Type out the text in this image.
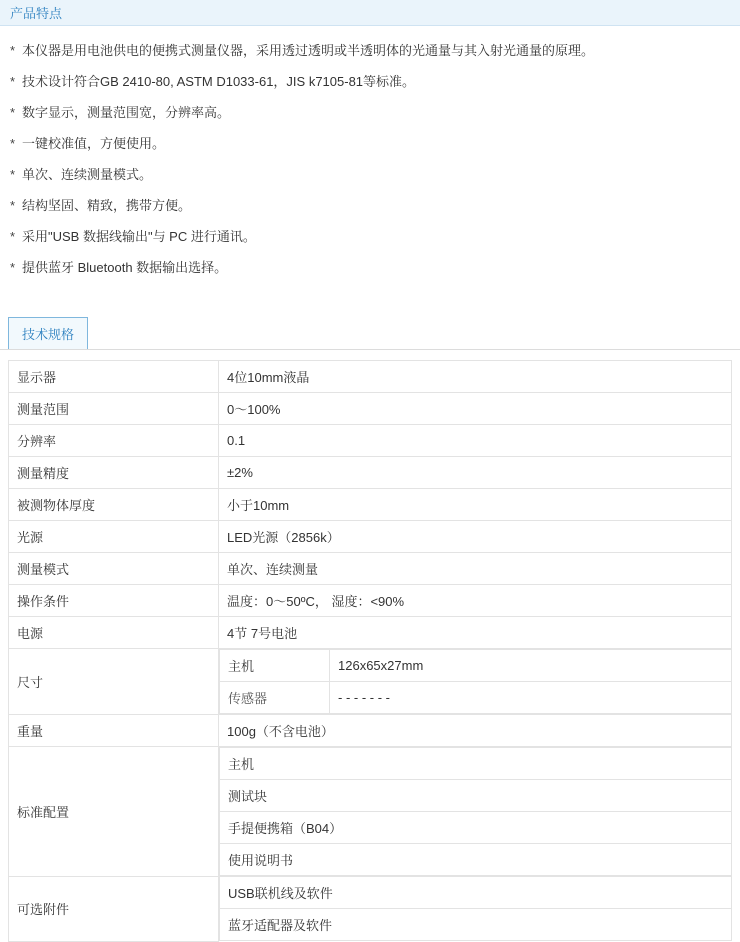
产品特点
* 本仪器是用电池供电的便携式测量仪器，采用透过透明或半透明体的光通量与其入射光通量的原理。
* 技术设计符合GB 2410-80, ASTM D1033-61，JIS k7105-81等标准。
* 数字显示，测量范围宽，分辨率高。
* 一键校准值，方便使用。
* 单次、连续测量模式。
* 结构坚固、精致，携带方便。
* 采用"USB 数据线输出"与 PC 进行通讯。
* 提供蓝牙 Bluetooth 数据输出选择。
技术规格
显示器	4位10mm液晶
测量范围	0～100%
分辨率	0.1
测量精度	±2%
被测物体厚度	小于10mm
光源	LED光源（2856k）
测量模式	单次、连续测量
操作条件	温度：0～50ºC， 湿度：<90%
电源	4节 7号电池
尺寸	
主机	126x65x27mm
传感器	- - - - - - -

重量	100g（不含电池）
标准配置	
主机
测试块
手提便携箱（B04）
使用说明书

可选附件	
USB联机线及软件
蓝牙适配器及软件
